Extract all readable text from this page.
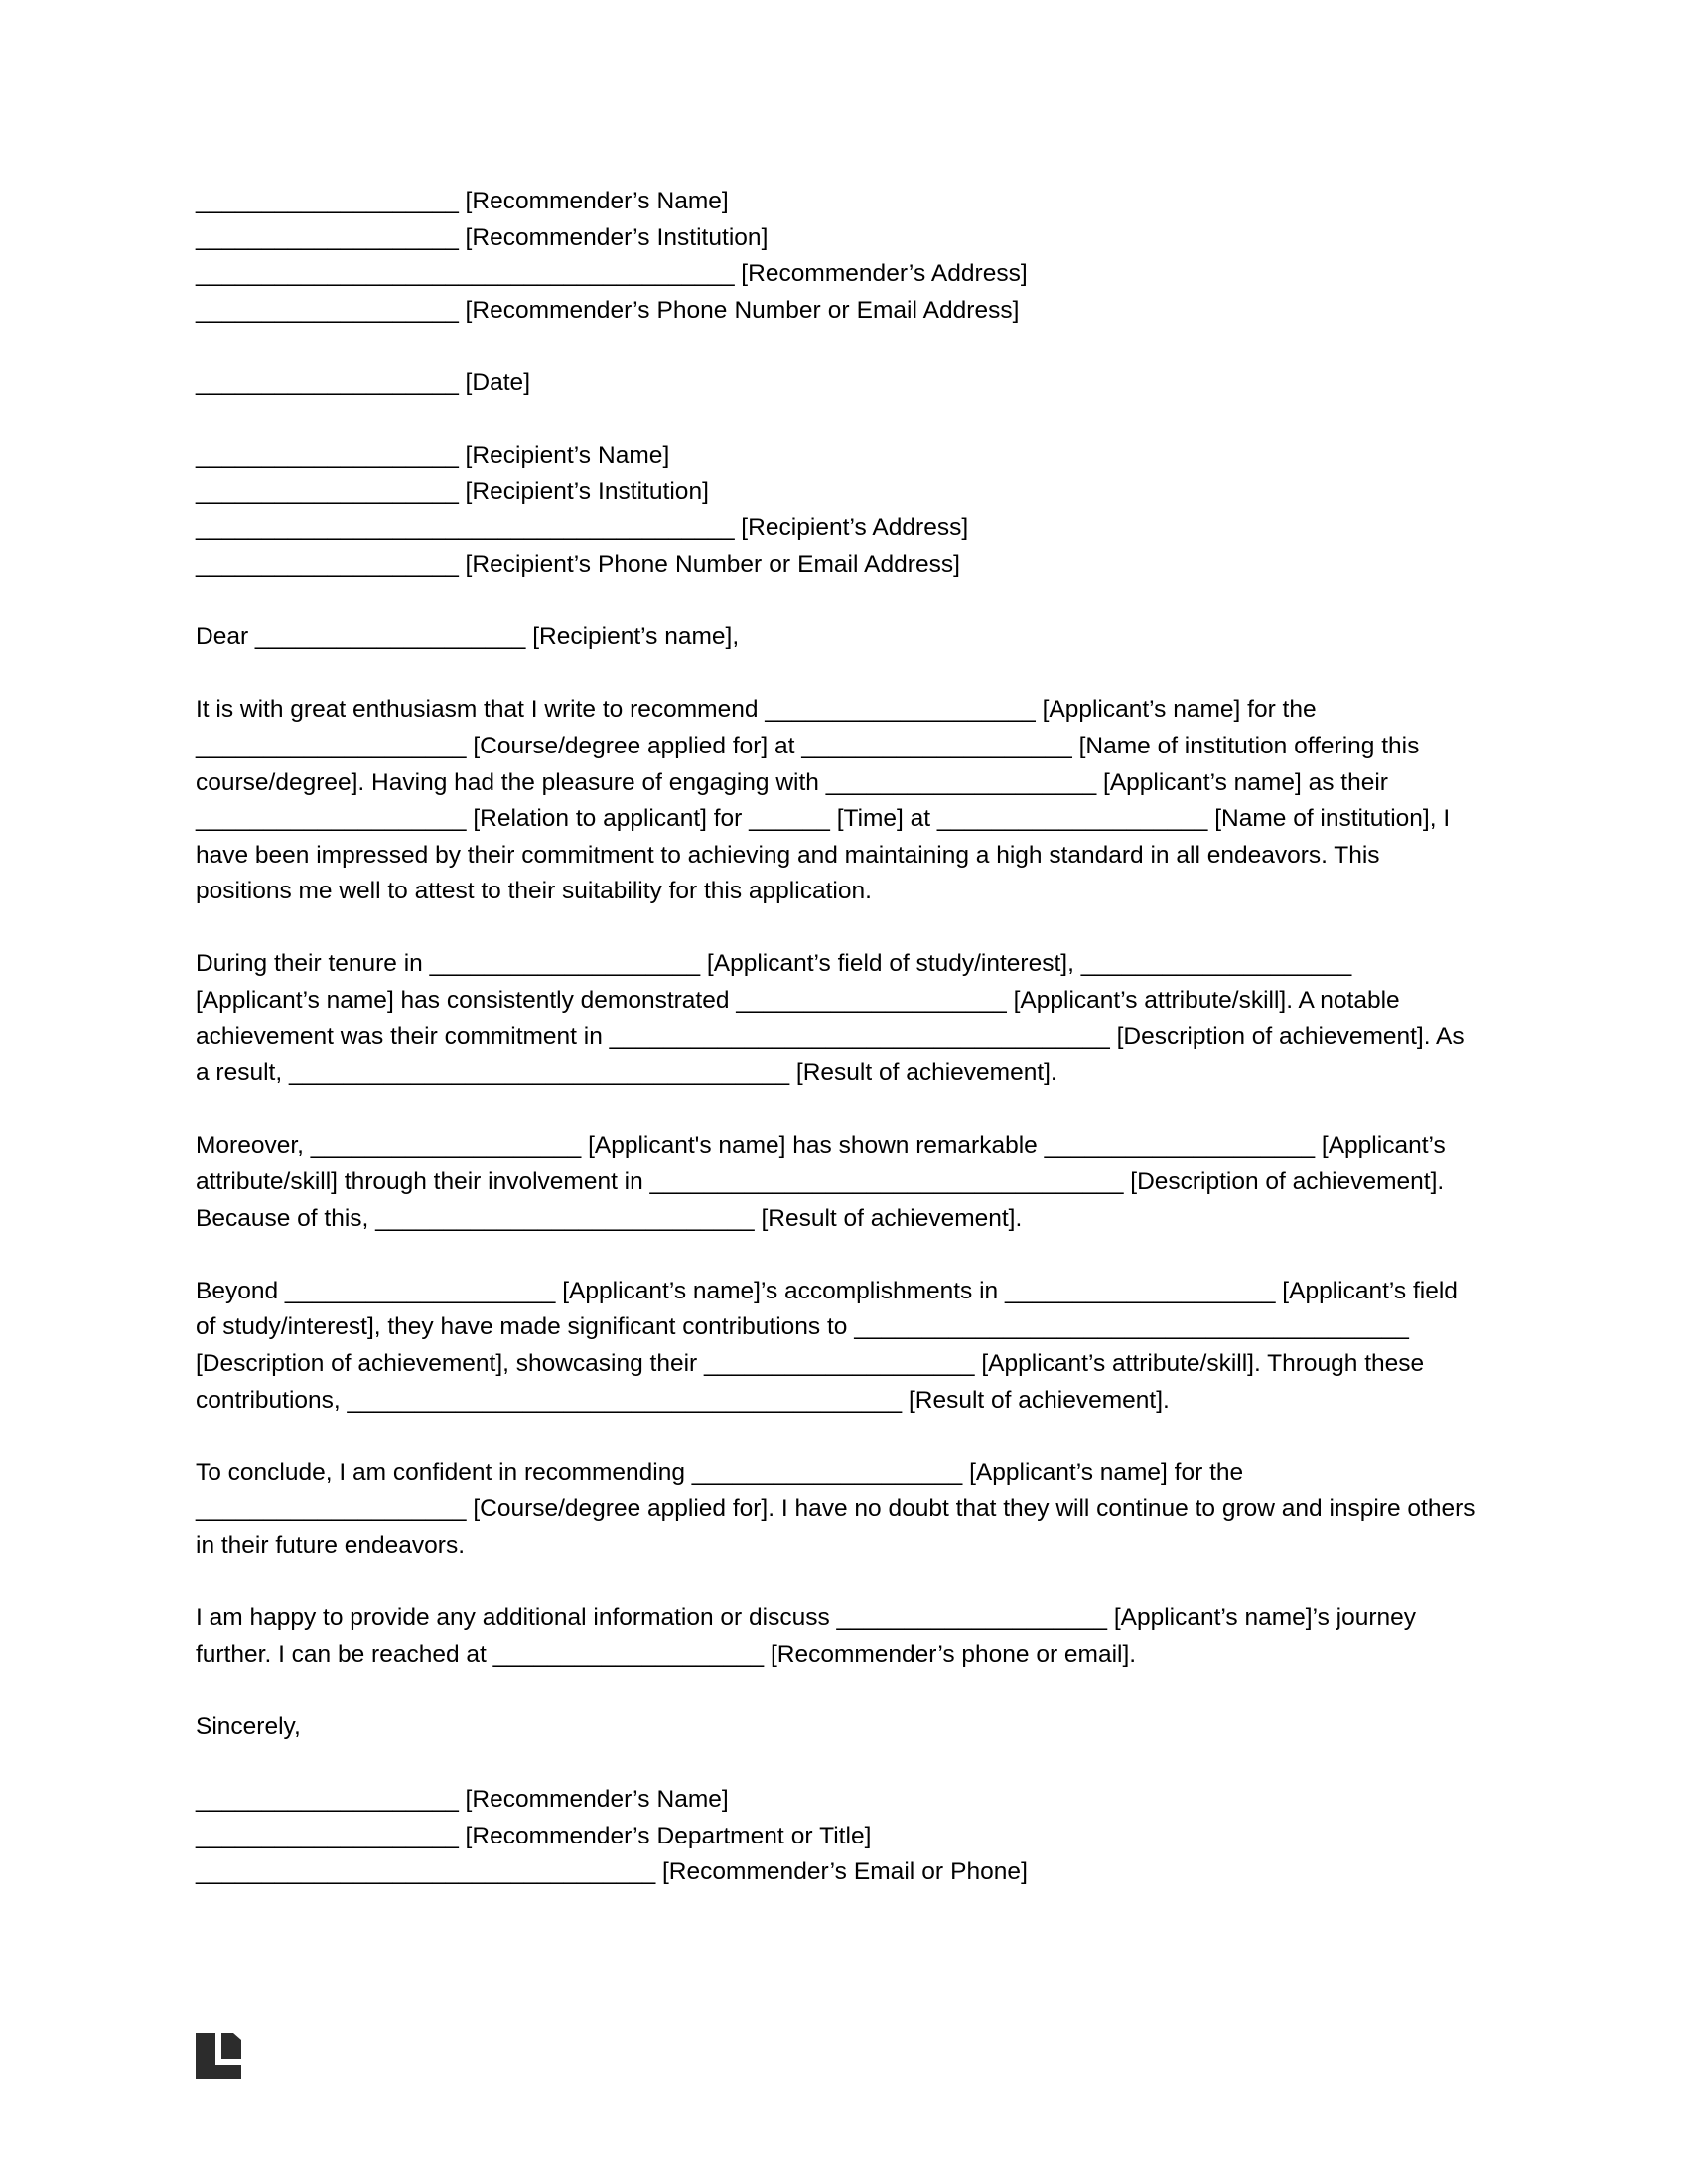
____________________ [Recommender’s Name]
____________________ [Recommender’s Institution]
_________________________________________ [Recommender’s Address]
____________________ [Recommender’s Phone Number or Email Address]
____________________ [Date]
____________________ [Recipient’s Name]
____________________ [Recipient’s Institution]
_________________________________________ [Recipient’s Address]
____________________ [Recipient’s Phone Number or Email Address]

Dear ____________________ [Recipient’s name],

It is with great enthusiasm that I write to recommend ____________________ [Applicant’s name] for the ____________________ [Course/degree applied for] at ____________________ [Name of institution offering this course/degree]. Having had the pleasure of engaging with ____________________ [Applicant’s name] as their ____________________ [Relation to applicant] for ______ [Time] at ____________________ [Name of institution], I have been impressed by their commitment to achieving and maintaining a high standard in all endeavors. This positions me well to attest to their suitability for this application.

During their tenure in ____________________ [Applicant’s field of study/interest], ____________________ [Applicant’s name] has consistently demonstrated ____________________ [Applicant’s attribute/skill]. A notable achievement was their commitment in _____________________________________ [Description of achievement]. As a result, _____________________________________ [Result of achievement].

Moreover, ____________________ [Applicant's name] has shown remarkable ____________________ [Applicant’s attribute/skill] through their involvement in ___________________________________ [Description of achievement]. Because of this, ____________________________ [Result of achievement].

Beyond ____________________ [Applicant’s name]’s accomplishments in ____________________ [Applicant’s field of study/interest], they have made significant contributions to _________________________________________ [Description of achievement], showcasing their ____________________ [Applicant’s attribute/skill]. Through these contributions, _________________________________________ [Result of achievement].

To conclude, I am confident in recommending ____________________ [Applicant’s name] for the ____________________ [Course/degree applied for]. I have no doubt that they will continue to grow and inspire others in their future endeavors.

I am happy to provide any additional information or discuss ____________________ [Applicant’s name]’s journey further. I can be reached at ____________________ [Recommender’s phone or email].

Sincerely,

____________________ [Recommender’s Name]
____________________ [Recommender’s Department or Title]
___________________________________ [Recommender’s Email or Phone]
